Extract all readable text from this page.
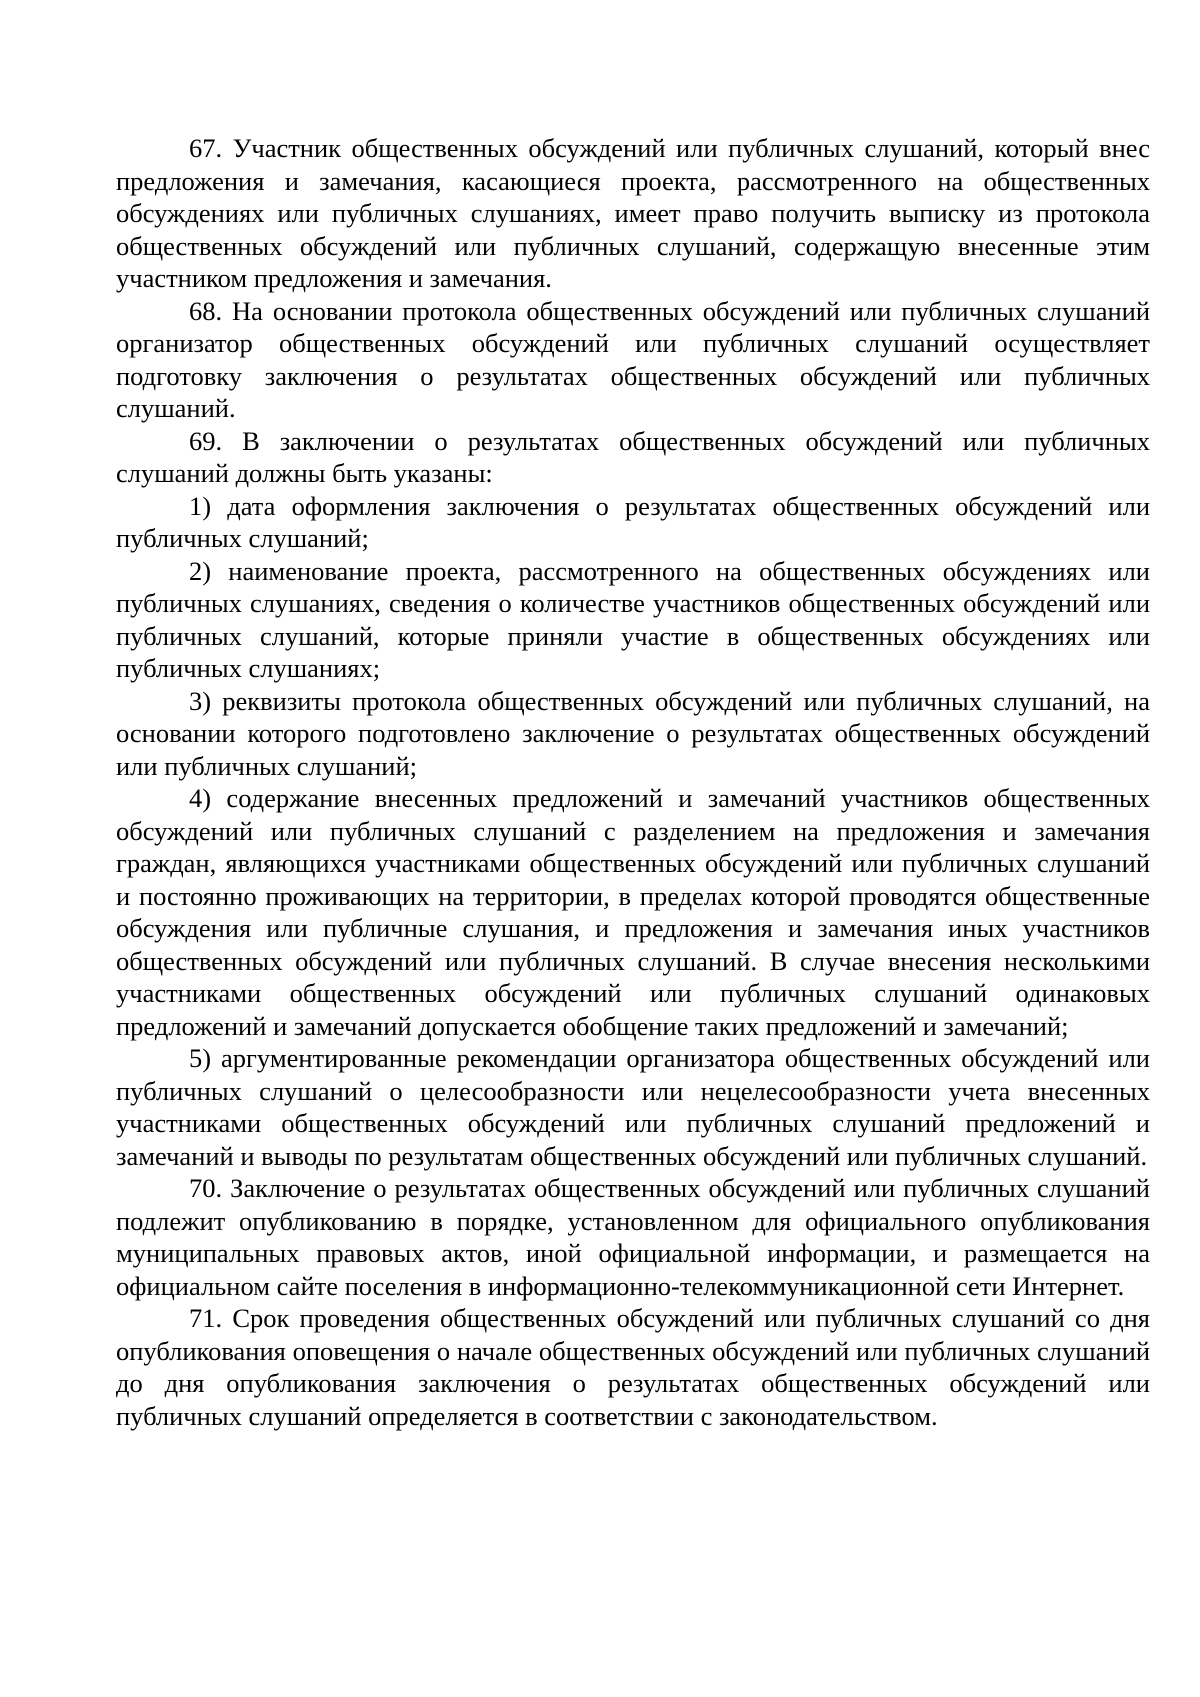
67. Участник общественных обсуждений или публичных слушаний, который внес предложения и замечания, касающиеся проекта, рассмотренного на общественных обсуждениях или публичных слушаниях, имеет право получить выписку из протокола общественных обсуждений или публичных слушаний, содержащую внесенные этим участником предложения и замечания.

68. На основании протокола общественных обсуждений или публичных слушаний организатор общественных обсуждений или публичных слушаний осуществляет подготовку заключения о результатах общественных обсуждений или публичных слушаний.

69. В заключении о результатах общественных обсуждений или публичных слушаний должны быть указаны:

1) дата оформления заключения о результатах общественных обсуждений или публичных слушаний;

2) наименование проекта, рассмотренного на общественных обсуждениях или публичных слушаниях, сведения о количестве участников общественных обсуждений или публичных слушаний, которые приняли участие в общественных обсуждениях или публичных слушаниях;

3) реквизиты протокола общественных обсуждений или публичных слушаний, на основании которого подготовлено заключение о результатах общественных обсуждений или публичных слушаний;

4) содержание внесенных предложений и замечаний участников общественных обсуждений или публичных слушаний с разделением на предложения и замечания граждан, являющихся участниками общественных обсуждений или публичных слушаний и постоянно проживающих на территории, в пределах которой проводятся общественные обсуждения или публичные слушания, и предложения и замечания иных участников общественных обсуждений или публичных слушаний. В случае внесения несколькими участниками общественных обсуждений или публичных слушаний одинаковых предложений и замечаний допускается обобщение таких предложений и замечаний;

5) аргументированные рекомендации организатора общественных обсуждений или публичных слушаний о целесообразности или нецелесообразности учета внесенных участниками общественных обсуждений или публичных слушаний предложений и замечаний и выводы по результатам общественных обсуждений или публичных слушаний.

70. Заключение о результатах общественных обсуждений или публичных слушаний подлежит опубликованию в порядке, установленном для официального опубликования муниципальных правовых актов, иной официальной информации, и размещается на официальном сайте поселения в информационно-телекоммуникационной сети Интернет.

71. Срок проведения общественных обсуждений или публичных слушаний со дня опубликования оповещения о начале общественных обсуждений или публичных слушаний до дня опубликования заключения о результатах общественных обсуждений или публичных слушаний определяется в соответствии с законодательством.
